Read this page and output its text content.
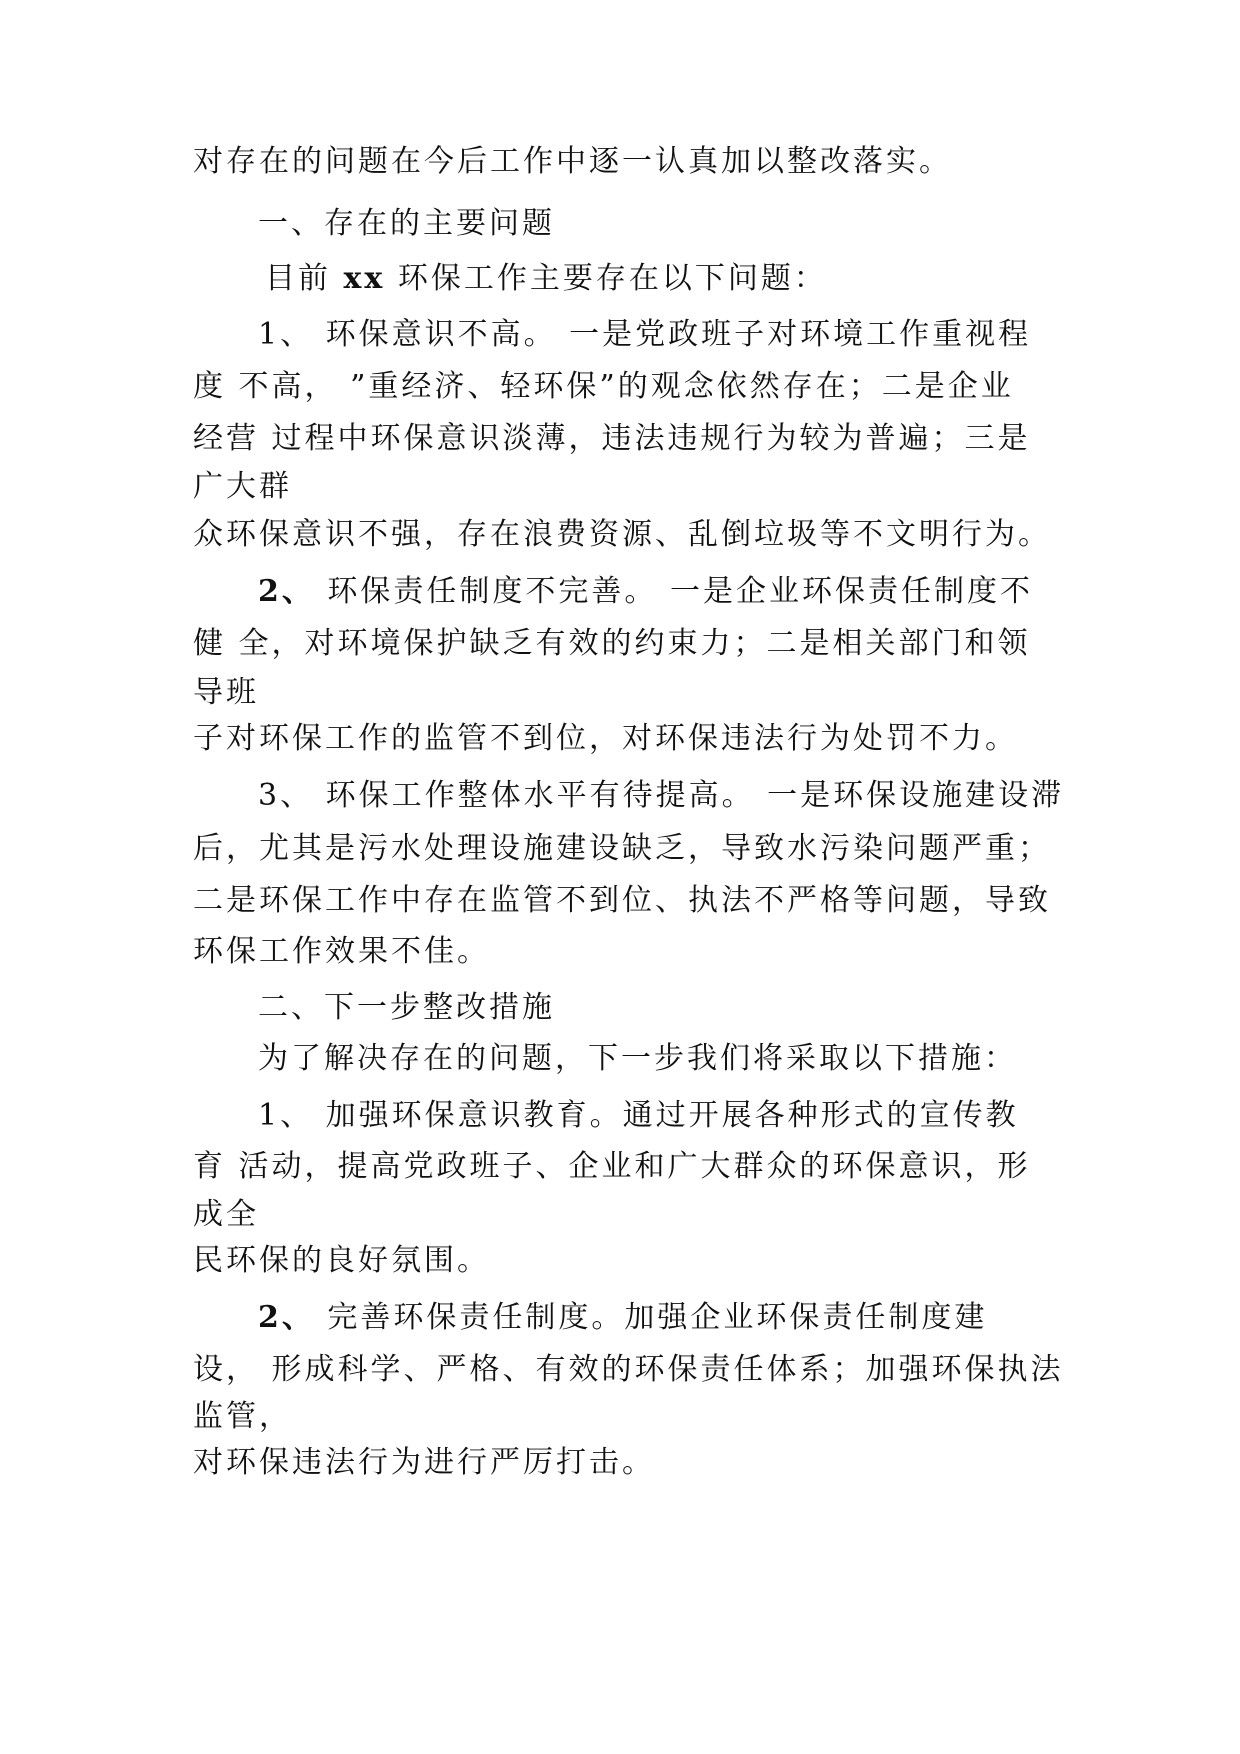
对存在的问题在今后工作中逐一认真加以整改落实。
一、存在的主要问题
目前 xx 环保工作主要存在以下问题：
1、 环保意识不高。 一是党政班子对环境工作重视程
度 不高， ”重经济、轻环保”的观念依然存在；二是企业
经营 过程中环保意识淡薄，违法违规行为较为普遍；三是
广大群
众环保意识不强，存在浪费资源、乱倒垃圾等不文明行为。
2、 环保责任制度不完善。 一是企业环保责任制度不
健 全，对环境保护缺乏有效的约束力；二是相关部门和领
导班
子对环保工作的监管不到位，对环保违法行为处罚不力。
3、 环保工作整体水平有待提高。 一是环保设施建设滞
后，尤其是污水处理设施建设缺乏，导致水污染问题严重；
二是环保工作中存在监管不到位、执法不严格等问题，导致
环保工作效果不佳。
二、下一步整改措施
为了解决存在的问题，下一步我们将采取以下措施：
1、 加强环保意识教育。通过开展各种形式的宣传教
育 活动，提高党政班子、企业和广大群众的环保意识，形
成全
民环保的良好氛围。
2、 完善环保责任制度。加强企业环保责任制度建
设， 形成科学、严格、有效的环保责任体系；加强环保执法
监管，
对环保违法行为进行严厉打击。
